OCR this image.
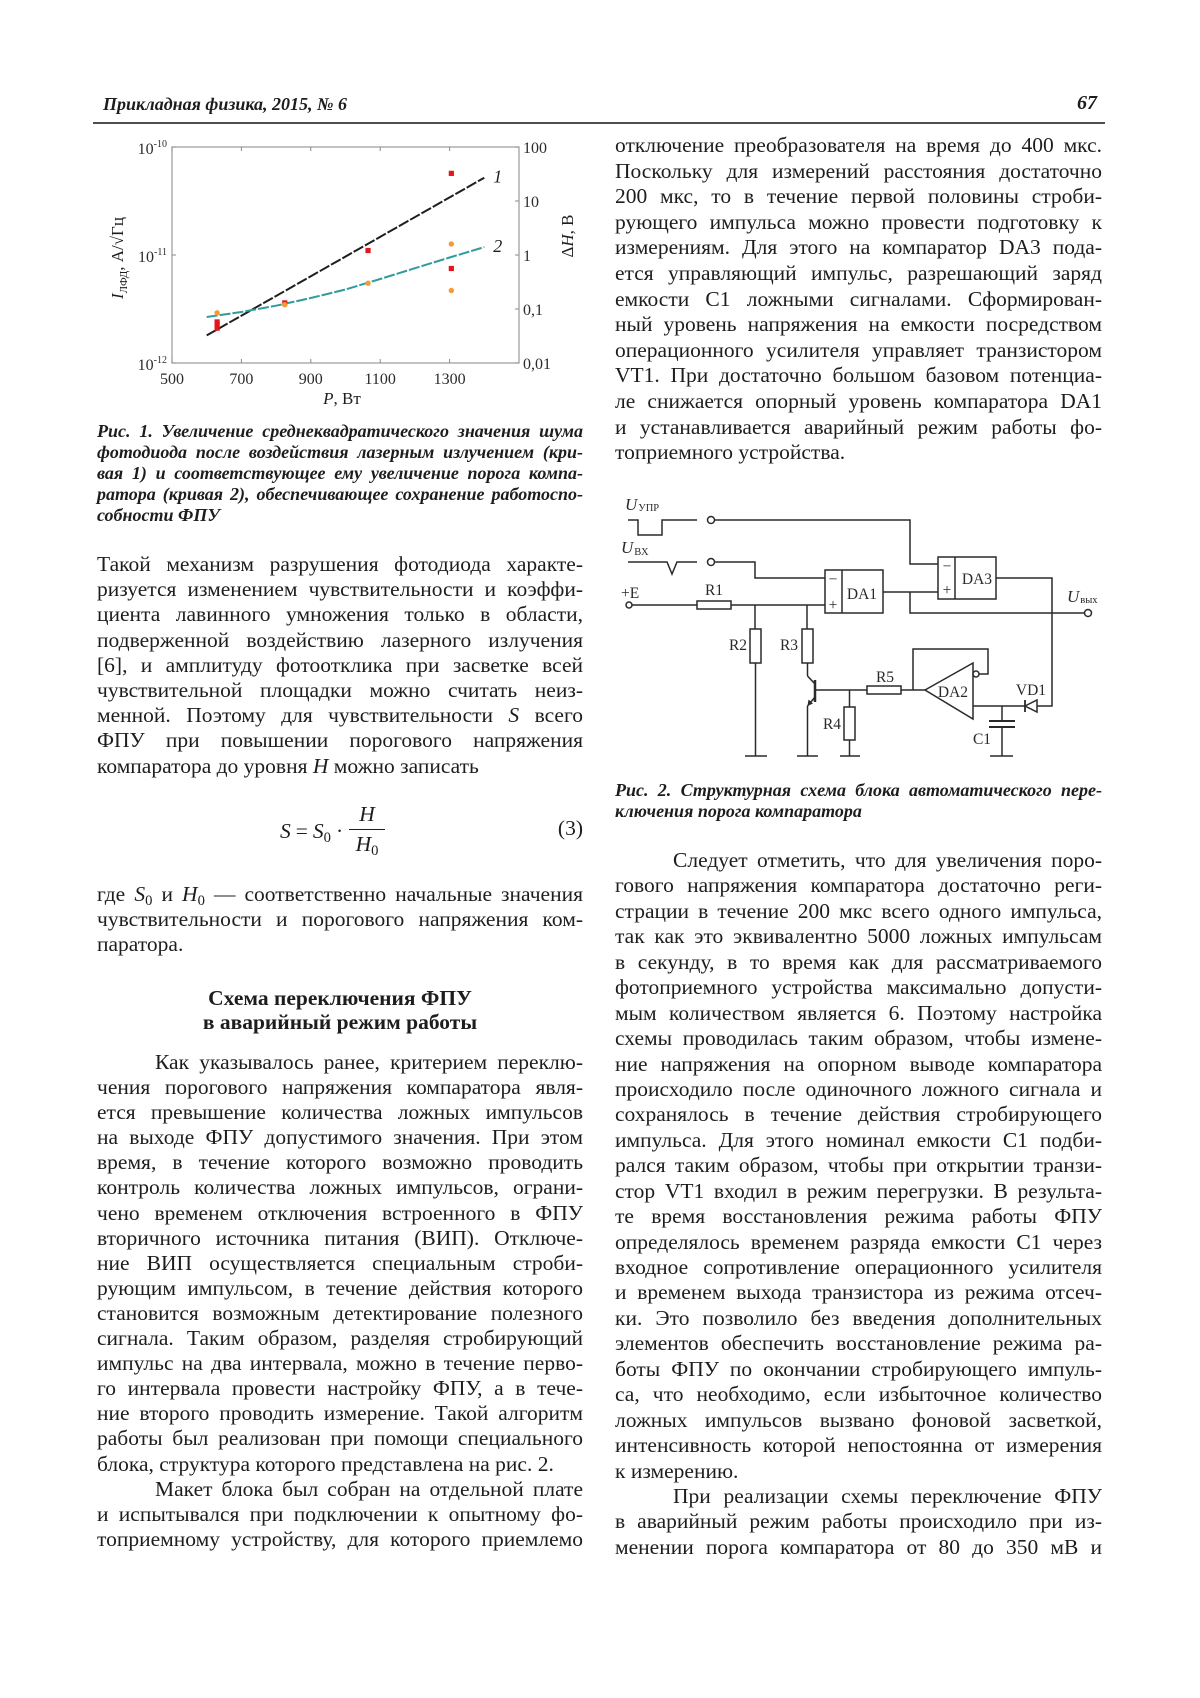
Прикладная физика, 2015, № 6	67
500	700	900	1100 1300
$10^{-10}$
$10^{-11}$
$10^{-12}$
100
10
1
0,1
0,01
1
2
P, Вт
$I_{ЛФД}$, А/√Гц	ΔH, В
Рис. 1. Увеличение среднеквадратического значения шума
фотодиода после воздействия лазерным излучением (кри-
вая 1) и соответствующее ему увеличение порога компа-
ратора (кривая 2), обеспечивающее сохранение работоспо-
собности ФПУ
Такой механизм разрушения фотодиода характе-
ризуется изменением чувствительности и коэффи-
циента лавинного умножения только в области,
подверженной воздействию лазерного излучения
[6], и амплитуду фотоотклика при засветке всей
чувствительной площадки можно считать неиз-
менной. Поэтому для чувствительности S всего
ФПУ при повышении порогового напряжения
компаратора до уровня H можно записать
$S = S_0$ ·
H
$H_0$
(3)
где $S_0$ и $H_0$ — соответственно начальные значения
чувствительности и порогового напряжения ком-
паратора.
Схема переключения ФПУ
в аварийный режим работы
Как указывалось ранее, критерием переклю-
чения порогового напряжения компаратора явля-
ется превышение количества ложных импульсов
на выходе ФПУ допустимого значения. При этом
время, в течение которого возможно проводить
контроль количества ложных импульсов, ограни-
чено временем отключения встроенного в ФПУ
вторичного источника питания (ВИП). Отключе-
ние ВИП осуществляется специальным строби-
рующим импульсом, в течение действия которого
становится возможным детектирование полезного
сигнала. Таким образом, разделяя стробирующий
импульс на два интервала, можно в течение перво-
го интервала провести настройку ФПУ, а в тече-
ние второго проводить измерение. Такой алгоритм
работы был реализован при помощи специального
блока, структура которого представлена на рис. 2.
Макет блока был собран на отдельной плате
и испытывался при подключении к опытному фо-
топриемному устройству, для которого приемлемо
отключение преобразователя на время до 400 мкс.
Поскольку для измерений расстояния достаточно
200 мкс, то в течение первой половины строби-
рующего импульса можно провести подготовку к
измерениям. Для этого на компаратор DA3 пода-
ется управляющий импульс, разрешающий заряд
емкости C1 ложными сигналами. Сформирован-
ный уровень напряжения на емкости посредством
операционного усилителя управляет транзистором
VT1. При достаточно большом базовом потенциа-
ле снижается опорный уровень компаратора DA1
и устанавливается аварийный режим работы фо-
топриемного устройства.
UУПР
UВХ
+E	R1
R2 R3
R4
R5
DA1
−
+
DA2
DA3
−
+
VD1
C1
Uвых
Рис. 2. Структурная схема блока автоматического пере-
ключения порога компаратора
Следует отметить, что для увеличения поро-
гового напряжения компаратора достаточно реги-
страции в течение 200 мкс всего одного импульса,
так как это эквивалентно 5000 ложных импульсам
в секунду, в то время как для рассматриваемого
фотоприемного устройства максимально допусти-
мым количеством является 6. Поэтому настройка
схемы проводилась таким образом, чтобы измене-
ние напряжения на опорном выводе компаратора
происходило после одиночного ложного сигнала и
сохранялось в течение действия стробирующего
импульса. Для этого номинал емкости C1 подби-
рался таким образом, чтобы при открытии транзи-
стор VT1 входил в режим перегрузки. В результа-
те время восстановления режима работы ФПУ
определялось временем разряда емкости C1 через
входное сопротивление операционного усилителя
и временем выхода транзистора из режима отсеч-
ки. Это позволило без введения дополнительных
элементов обеспечить восстановление режима ра-
боты ФПУ по окончании стробирующего импуль-
са, что необходимо, если избыточное количество
ложных импульсов вызвано фоновой засветкой,
интенсивность которой непостоянна от измерения
к измерению.
При реализации схемы переключение ФПУ
в аварийный режим работы происходило при из-
менении порога компаратора от 80 до 350 мВ и
